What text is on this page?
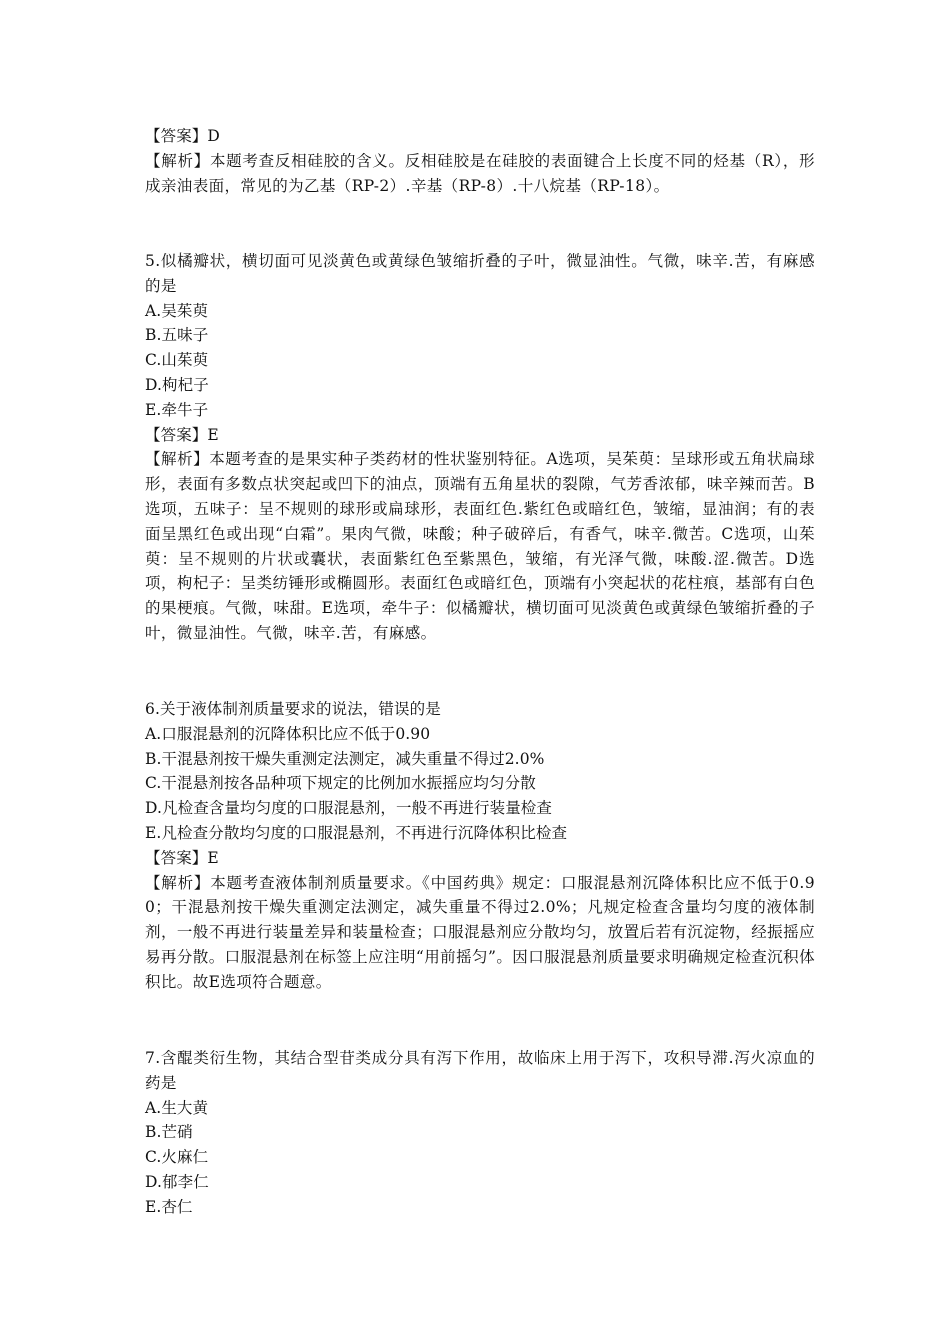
【答案】D
【解析】本题考查反相硅胶的含义。反相硅胶是在硅胶的表面键合上长度不同的烃基（R），形成亲油表面，常见的为乙基（RP-2）.辛基（RP-8）.十八烷基（RP-18）。
5.似橘瓣状，横切面可见淡黄色或黄绿色皱缩折叠的子叶，微显油性。气微，味辛.苦，有麻感的是
A.吴茱萸
B.五味子
C.山茱萸
D.枸杞子
E.牵牛子
【答案】E
【解析】本题考查的是果实种子类药材的性状鉴别特征。A选项，吴茱萸：呈球形或五角状扁球形，表面有多数点状突起或凹下的油点，顶端有五角星状的裂隙，气芳香浓郁，味辛辣而苦。B选项，五味子：呈不规则的球形或扁球形，表面红色.紫红色或暗红色，皱缩，显油润；有的表面呈黑红色或出现“白霜”。果肉气微，味酸；种子破碎后，有香气，味辛.微苦。C选项，山茱萸：呈不规则的片状或囊状，表面紫红色至紫黑色，皱缩，有光泽气微，味酸.涩.微苦。D选项，枸杞子：呈类纺锤形或椭圆形。表面红色或暗红色，顶端有小突起状的花柱痕，基部有白色的果梗痕。气微，味甜。E选项，牵牛子：似橘瓣状，横切面可见淡黄色或黄绿色皱缩折叠的子叶，微显油性。气微，味辛.苦，有麻感。
6.关于液体制剂质量要求的说法，错误的是
A.口服混悬剂的沉降体积比应不低于0.90
B.干混悬剂按干燥失重测定法测定，减失重量不得过2.0%
C.干混悬剂按各品种项下规定的比例加水振摇应均匀分散
D.凡检查含量均匀度的口服混悬剂，一般不再进行装量检查
E.凡检查分散均匀度的口服混悬剂，不再进行沉降体积比检查
【答案】E
【解析】本题考查液体制剂质量要求。《中国药典》规定：口服混悬剂沉降体积比应不低于0.90；干混悬剂按干燥失重测定法测定，减失重量不得过2.0%；凡规定检查含量均匀度的液体制剂，一般不再进行装量差异和装量检查；口服混悬剂应分散均匀，放置后若有沉淀物，经振摇应易再分散。口服混悬剂在标签上应注明“用前摇匀”。因口服混悬剂质量要求明确规定检查沉积体积比。故E选项符合题意。
7.含醌类衍生物，其结合型苷类成分具有泻下作用，故临床上用于泻下，攻积导滞.泻火凉血的药是
A.生大黄
B.芒硝
C.火麻仁
D.郁李仁
E.杏仁
